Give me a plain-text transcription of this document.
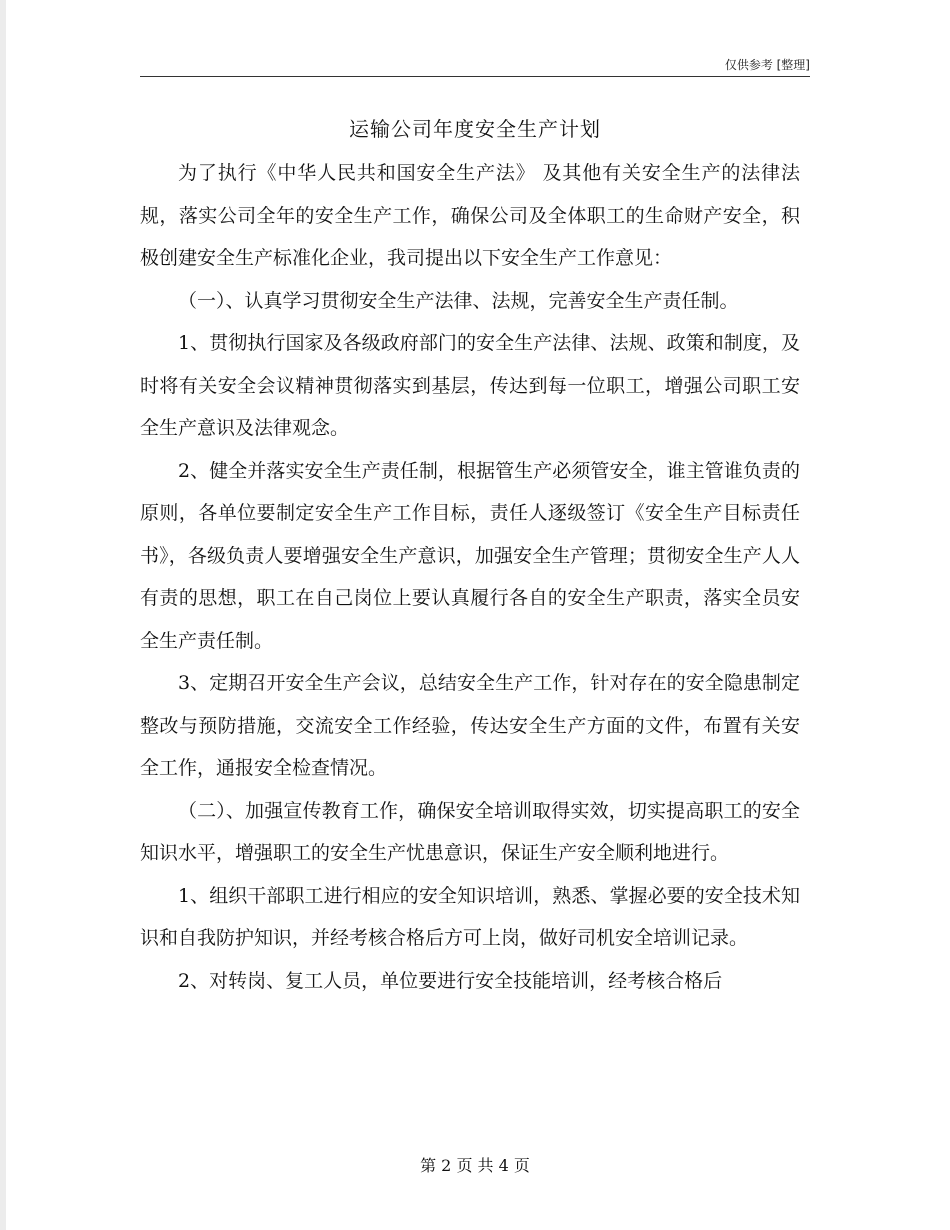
仅供参考 [整理]
运输公司年度安全生产计划

为了执行《中华人民共和国安全生产法》 及其他有关安全生产的法律法规，落实公司全年的安全生产工作，确保公司及全体职工的生命财产安全，积极创建安全生产标准化企业，我司提出以下安全生产工作意见：

（一）、认真学习贯彻安全生产法律、法规，完善安全生产责任制。

1、贯彻执行国家及各级政府部门的安全生产法律、法规、政策和制度，及时将有关安全会议精神贯彻落实到基层，传达到每一位职工，增强公司职工安全生产意识及法律观念。

2、健全并落实安全生产责任制，根据管生产必须管安全，谁主管谁负责的原则，各单位要制定安全生产工作目标，责任人逐级签订《安全生产目标责任书》，各级负责人要增强安全生产意识，加强安全生产管理；贯彻安全生产人人有责的思想，职工在自己岗位上要认真履行各自的安全生产职责，落实全员安全生产责任制。

3、定期召开安全生产会议，总结安全生产工作，针对存在的安全隐患制定整改与预防措施，交流安全工作经验，传达安全生产方面的文件，布置有关安全工作，通报安全检查情况。

（二）、加强宣传教育工作，确保安全培训取得实效，切实提高职工的安全知识水平，增强职工的安全生产忧患意识，保证生产安全顺利地进行。

1、组织干部职工进行相应的安全知识培训，熟悉、掌握必要的安全技术知识和自我防护知识，并经考核合格后方可上岗，做好司机安全培训记录。

2、对转岗、复工人员，单位要进行安全技能培训，经考核合格后

第 2 页 共 4 页
